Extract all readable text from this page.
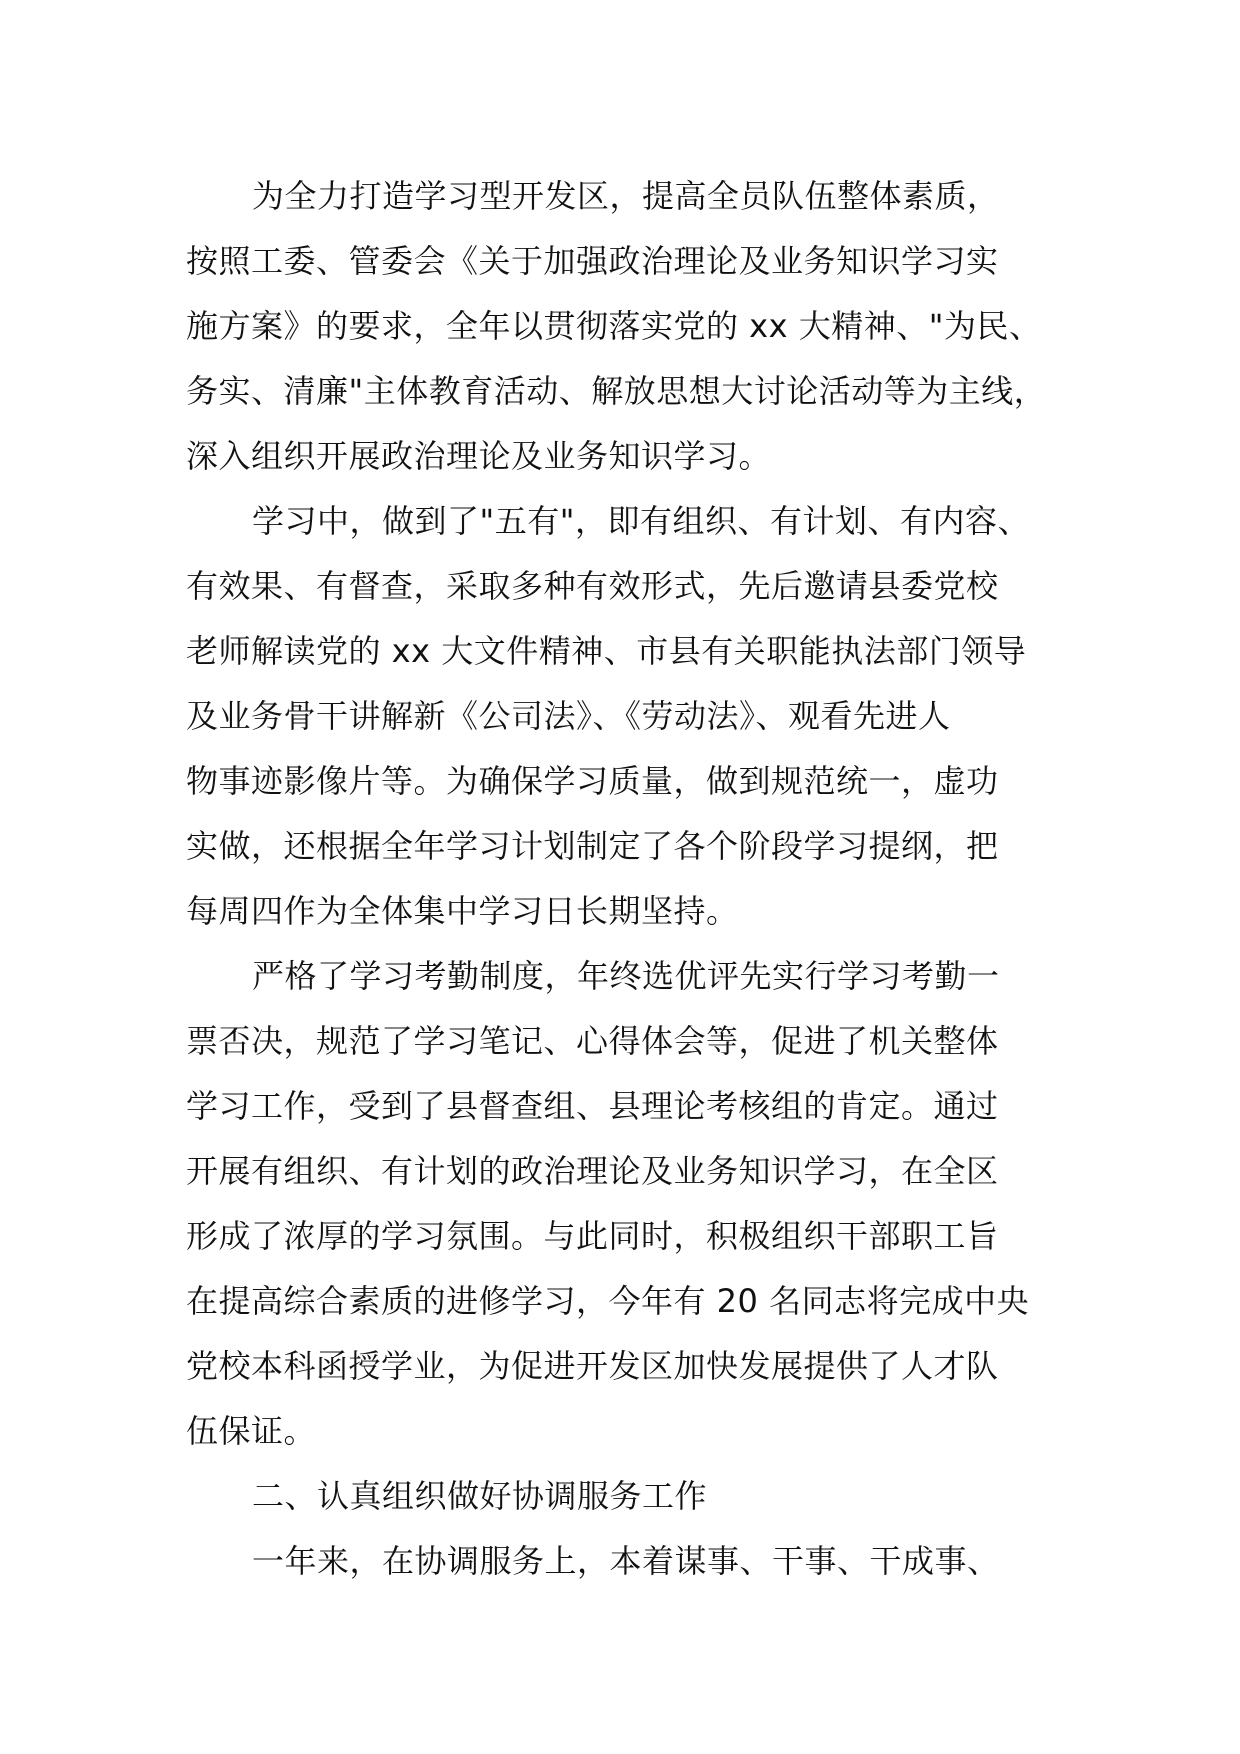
为全力打造学习型开发区，提高全员队伍整体素质，
按照工委、管委会《关于加强政治理论及业务知识学习实
施方案》的要求，全年以贯彻落实党的 xx 大精神、"为民、
务实、清廉"主体教育活动、解放思想大讨论活动等为主线，
深入组织开展政治理论及业务知识学习。
学习中，做到了"五有"，即有组织、有计划、有内容、
有效果、有督查，采取多种有效形式，先后邀请县委党校
老师解读党的 xx 大文件精神、市县有关职能执法部门领导
及业务骨干讲解新《公司法》、《劳动法》、观看先进人
物事迹影像片等。为确保学习质量，做到规范统一，虚功
实做，还根据全年学习计划制定了各个阶段学习提纲，把
每周四作为全体集中学习日长期坚持。
严格了学习考勤制度，年终选优评先实行学习考勤一
票否决，规范了学习笔记、心得体会等，促进了机关整体
学习工作，受到了县督查组、县理论考核组的肯定。通过
开展有组织、有计划的政治理论及业务知识学习，在全区
形成了浓厚的学习氛围。与此同时，积极组织干部职工旨
在提高综合素质的进修学习，今年有 20 名同志将完成中央
党校本科函授学业，为促进开发区加快发展提供了人才队
伍保证。
二、认真组织做好协调服务工作
一年来，在协调服务上，本着谋事、干事、干成事、
